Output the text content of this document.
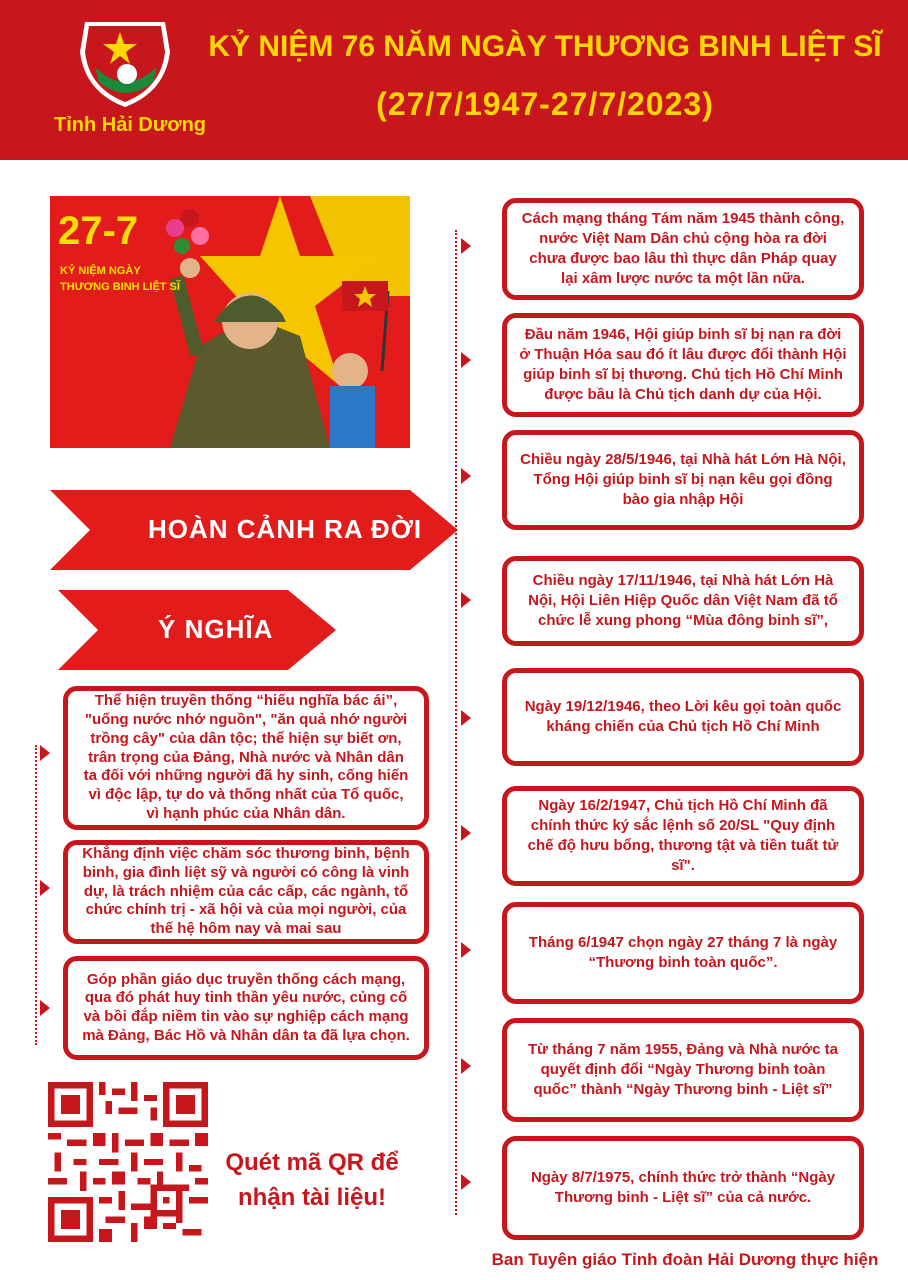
Tỉnh Hải Dương
KỶ NIỆM 76 NĂM NGÀY THƯƠNG BINH LIỆT SĨ
(27/7/1947-27/7/2023)
27-7
KỶ NIỆM NGÀY
THƯƠNG BINH LIỆT SĨ
HOÀN CẢNH RA ĐỜI
Ý NGHĨA
Cách mạng tháng Tám năm 1945 thành công, nước Việt Nam Dân chủ cộng hòa ra đời chưa được bao lâu thì thực dân Pháp quay lại xâm lược nước ta một lần nữa.
Đầu năm 1946, Hội giúp binh sĩ bị nạn ra đời ở Thuận Hóa sau đó ít lâu được đổi thành Hội giúp binh sĩ bị thương. Chủ tịch Hồ Chí Minh được bầu là Chủ tịch danh dự của Hội.
Chiều ngày 28/5/1946, tại Nhà hát Lớn Hà Nội, Tổng Hội giúp binh sĩ bị nạn kêu gọi đồng bào gia nhập Hội
Chiều ngày 17/11/1946, tại Nhà hát Lớn Hà Nội, Hội Liên Hiệp Quốc dân Việt Nam đã tổ chức lễ xung phong “Mùa đông binh sĩ”,
Ngày 19/12/1946, theo Lời kêu gọi toàn quốc kháng chiến của Chủ tịch Hồ Chí Minh
Ngày 16/2/1947, Chủ tịch Hồ Chí Minh đã chính thức ký sắc lệnh số 20/SL "Quy định chế độ hưu bổng, thương tật và tiền tuất tử sĩ".
Tháng 6/1947 chọn ngày 27 tháng 7 là ngày “Thương binh toàn quốc”.
Từ tháng 7 năm 1955, Đảng và Nhà nước ta quyết định đổi “Ngày Thương binh toàn quốc” thành “Ngày Thương binh - Liệt sĩ”
Ngày 8/7/1975, chính thức trở thành “Ngày Thương binh - Liệt sĩ” của cả nước.
Thể hiện truyền thống “hiếu nghĩa bác ái”, "uống nước nhớ nguồn", "ăn quả nhớ người trồng cây" của dân tộc; thể hiện sự biết ơn, trân trọng của Đảng, Nhà nước và Nhân dân ta đối với những người đã hy sinh, cống hiến vì độc lập, tự do và thống nhất của Tổ quốc, vì hạnh phúc của Nhân dân.
Khẳng định việc chăm sóc thương binh, bệnh binh, gia đình liệt sỹ và người có công là vinh dự, là trách nhiệm của các cấp, các ngành, tổ chức chính trị - xã hội và của mọi người, của thế hệ hôm nay và mai sau
Góp phần giáo dục truyền thống cách mạng, qua đó phát huy tinh thần yêu nước, củng cố và bồi đắp niềm tin vào sự nghiệp cách mạng mà Đảng, Bác Hồ và Nhân dân ta đã lựa chọn.
Quét mã QR để
nhận tài liệu!
Ban Tuyên giáo Tỉnh đoàn Hải Dương thực hiện
